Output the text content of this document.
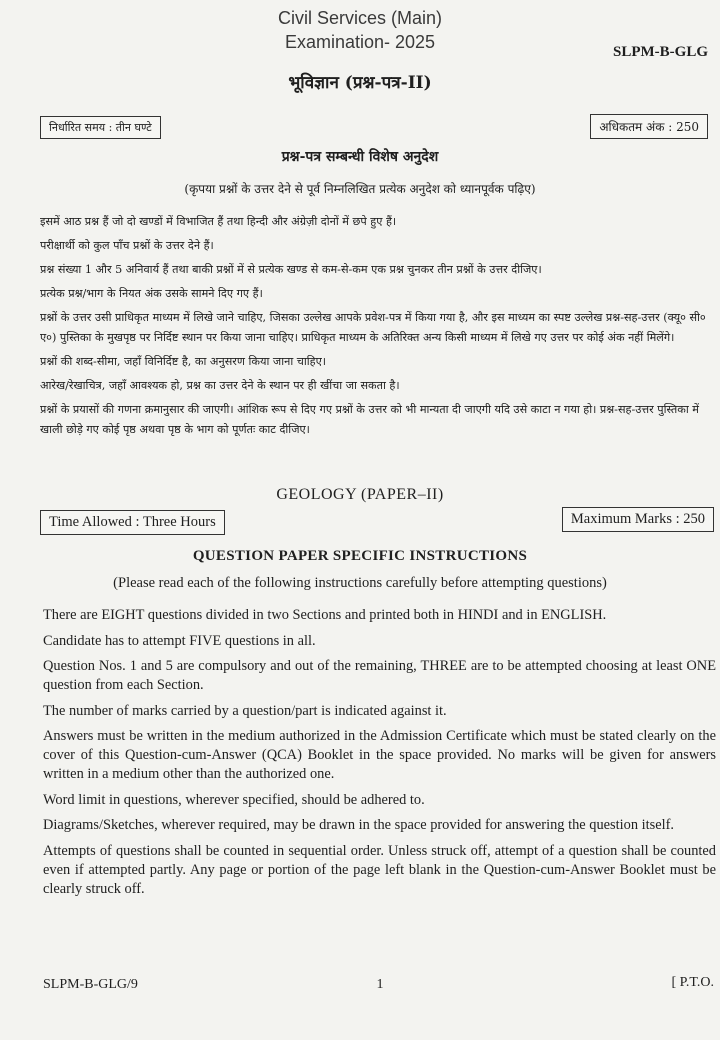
Civil Services (Main)
Examination- 2025	SLPM-B-GLG
भूविज्ञान (प्रश्न-पत्र-II)
निर्धारित समय : तीन घण्टे	अधिकतम अंक : 250
प्रश्न-पत्र सम्बन्धी विशेष अनुदेश
(कृपया प्रश्नों के उत्तर देने से पूर्व निम्नलिखित प्रत्येक अनुदेश को ध्यानपूर्वक पढ़िए)

इसमें आठ प्रश्न हैं जो दो खण्डों में विभाजित हैं तथा हिन्दी और अंग्रेज़ी दोनों में छपे हुए हैं।

परीक्षार्थी को कुल पाँच प्रश्नों के उत्तर देने हैं।

प्रश्न संख्या 1 और 5 अनिवार्य हैं तथा बाकी प्रश्नों में से प्रत्येक खण्ड से कम-से-कम एक प्रश्न चुनकर तीन प्रश्नों के उत्तर दीजिए।

प्रत्येक प्रश्न/भाग के नियत अंक उसके सामने दिए गए हैं।

प्रश्नों के उत्तर उसी प्राधिकृत माध्यम में लिखे जाने चाहिए, जिसका उल्लेख आपके प्रवेश-पत्र में किया गया है, और इस माध्यम का स्पष्ट उल्लेख प्रश्न-सह-उत्तर (क्यू० सी० ए०) पुस्तिका के मुखपृष्ठ पर निर्दिष्ट स्थान पर किया जाना चाहिए। प्राधिकृत माध्यम के अतिरिक्त अन्य किसी माध्यम में लिखे गए उत्तर पर कोई अंक नहीं मिलेंगे।

प्रश्नों की शब्द-सीमा, जहाँ विनिर्दिष्ट है, का अनुसरण किया जाना चाहिए।

आरेख/रेखाचित्र, जहाँ आवश्यक हो, प्रश्न का उत्तर देने के स्थान पर ही खींचा जा सकता है।

प्रश्नों के प्रयासों की गणना क्रमानुसार की जाएगी। आंशिक रूप से दिए गए प्रश्नों के उत्तर को भी मान्यता दी जाएगी यदि उसे काटा न गया हो। प्रश्न-सह-उत्तर पुस्तिका में खाली छोड़े गए कोई पृष्ठ अथवा पृष्ठ के भाग को पूर्णतः काट दीजिए।

GEOLOGY (PAPER–II)
Time Allowed : Three Hours	Maximum Marks : 250
QUESTION PAPER SPECIFIC INSTRUCTIONS
(Please read each of the following instructions carefully before attempting questions)

There are EIGHT questions divided in two Sections and printed both in HINDI and in ENGLISH.

Candidate has to attempt FIVE questions in all.

Question Nos. 1 and 5 are compulsory and out of the remaining, THREE are to be attempted choosing at least ONE question from each Section.

The number of marks carried by a question/part is indicated against it.

Answers must be written in the medium authorized in the Admission Certificate which must be stated clearly on the cover of this Question-cum-Answer (QCA) Booklet in the space provided. No marks will be given for answers written in a medium other than the authorized one.

Word limit in questions, wherever specified, should be adhered to.

Diagrams/Sketches, wherever required, may be drawn in the space provided for answering the question itself.

Attempts of questions shall be counted in sequential order. Unless struck off, attempt of a question shall be counted even if attempted partly. Any page or portion of the page left blank in the Question-cum-Answer Booklet must be clearly struck off.

SLPM-B-GLG/9	1	[ P.T.O.
